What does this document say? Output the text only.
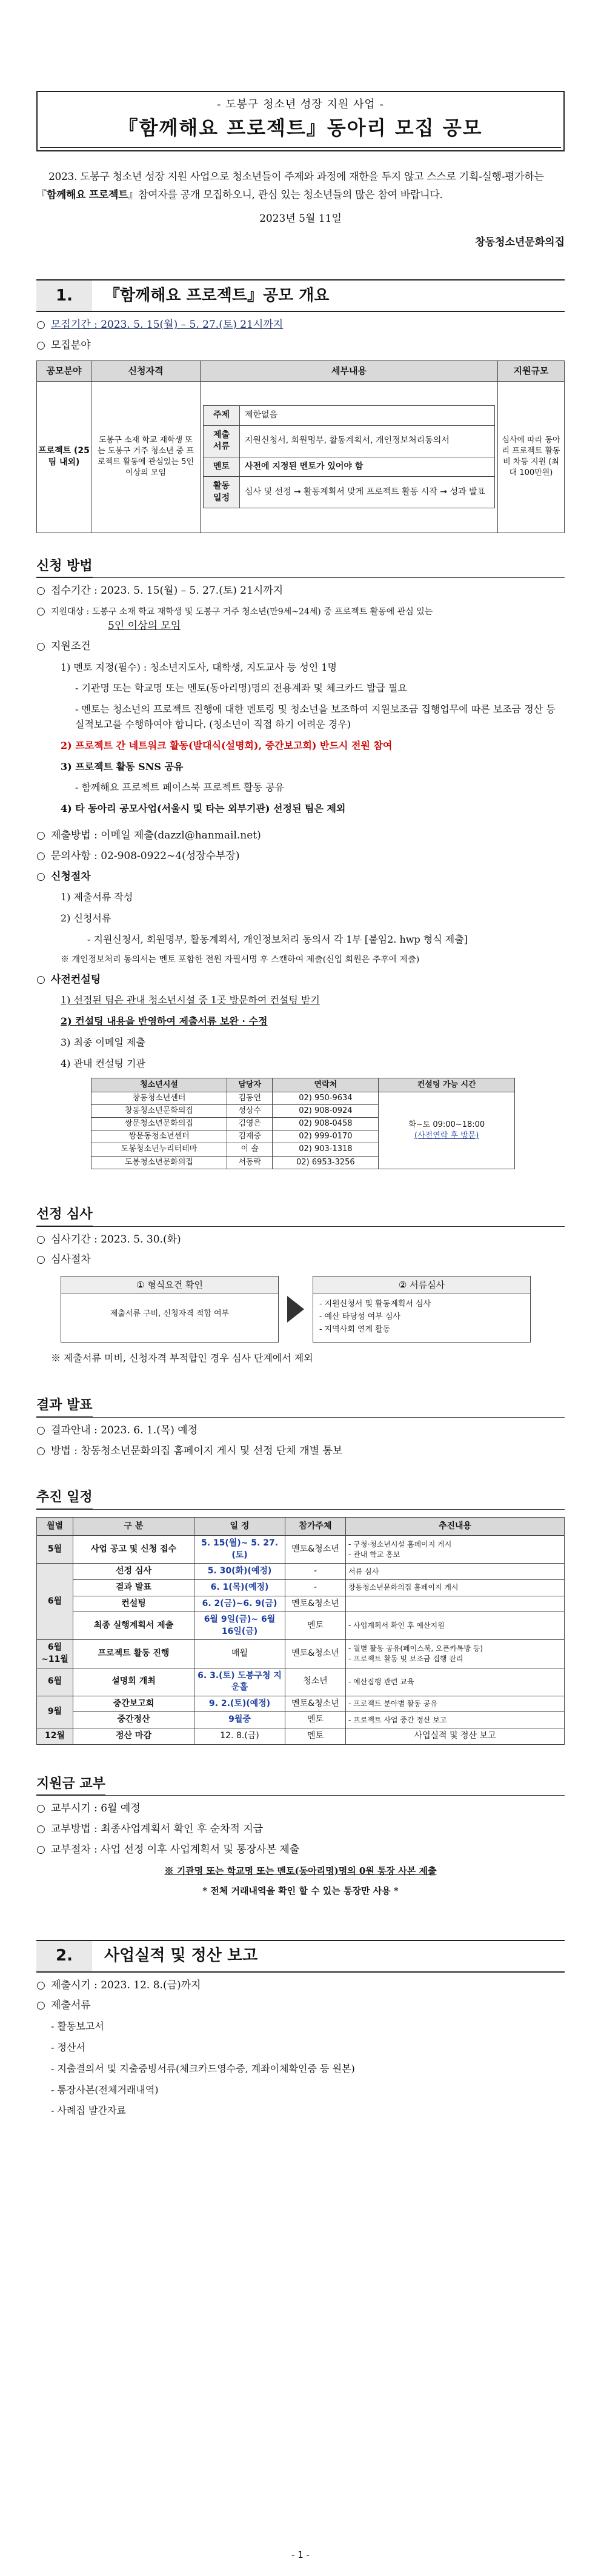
- 도봉구 청소년 성장 지원 사업 -
『함께해요 프로젝트』동아리 모집 공모

2023. 도봉구 청소년 성장 지원 사업으로 청소년들이 주제와 과정에 재한을 두지 않고 스스로 기획-실행-평가하는 『함께해요 프로젝트』참여자를 공개 모집하오니, 관심 있는 청소년들의 많은 참여 바랍니다.

2023년 5월 11일
창동청소년문화의집
1.	『함께해요 프로젝트』공모 개요
○ 모집기간 : 2023. 5. 15(월) – 5. 27.(토) 21시까지
○ 모집분야
공모분야	신청자격	세부내용	지원규모
프로젝트 (25팀 내외)	도봉구 소재 학교 재학생 또는 도봉구 거주 청소년 중 프로젝트 활동에 관심있는 5인 이상의 모임	
주제	제한없음
제출 서류	지원신청서, 회원명부, 활동계획서, 개인정보처리동의서
멘토	사전에 지정된 멘토가 있어야 함
활동 일정	심사 및 선정 → 활동계획서 맞게 프로젝트 활동 시작 → 성과 발표
	심사에 따라 동아리 프로젝트 활동비 차등 지원 (최대 100만원)
신청 방법
○ 접수기간 : 2023. 5. 15(월) – 5. 27.(토) 21시까지
○ 지원대상 : 도봉구 소재 학교 재학생 및 도봉구 거주 청소년(만9세~24세) 중 프로젝트 활동에 관심 있는
5인 이상의 모임
○ 지원조건
1) 멘토 지정(필수) : 청소년지도사, 대학생, 지도교사 등 성인 1명
- 기관명 또는 학교명 또는 멘토(동아리명)명의 전용계좌 및 체크카드 발급 필요
- 멘토는 청소년의 프로젝트 진행에 대한 멘토링 및 청소년을 보조하여 지원보조금 집행업무에 따른 보조금 정산 등 실적보고를 수행하여야 합니다. (청소년이 직접 하기 어려운 경우)
2) 프로젝트 간 네트워크 활동(발대식(설명회), 중간보고회) 반드시 전원 참여
3) 프로젝트 활동 SNS 공유
- 함께해요 프로젝트 페이스북 프로젝트 활동 공유
4) 타 동아리 공모사업(서울시 및 타는 외부기관) 선정된 팀은 제외
○ 제출방법 : 이메일 제출(dazzl@hanmail.net)
○ 문의사항 : 02-908-0922~4(성장수부장)
○ 신청절차
1) 제출서류 작성
2) 신청서류
- 지원신청서, 회원명부, 활동계획서, 개인정보처리 동의서 각 1부 [붙임2. hwp 형식 제출]
※ 개인정보처리 동의서는 멘토 포함한 전원 자필서명 후 스캔하여 제출(신입 회원은 추후에 제출)
○ 사전컨설팅
1) 선정된 팀은 관내 청소년시설 중 1곳 방문하여 컨설팅 받기
2) 컨설팅 내용을 반영하여 제출서류 보완 · 수정
3) 최종 이메일 제출
4) 관내 컨설팅 기관
청소년시설	담당자	연락처	컨설팅 가능 시간
창동청소년센터	김동연	02) 950-9634	화~토 09:00~18:00
(사전연락 후 방문)

창동청소년문화의집	성상수	02) 908-0924	
쌍문청소년문화의집	김영은	02) 908-0458	
쌍문동청소년센터	김재중	02) 999-0170	
도봉청소년누리터테마	이 솔	02) 903-1318	
도봉청소년문화의집	서동락	02) 6953-3256	
선정 심사
○ 심사기간 : 2023. 5. 30.(화)
○ 심사절차
① 형식요건 확인
제출서류 구비, 신청자격 적합 여부
② 서류심사
- 지원신청서 및 활동계획서 심사
- 예산 타당성 여부 심사
- 지역사회 연계 활동
※ 제출서류 미비, 신청자격 부적합인 경우 심사 단계에서 제외
결과 발표
○ 결과안내 : 2023. 6. 1.(목) 예정
○ 방법 : 창동청소년문화의집 홈페이지 게시 및 선정 단체 개별 통보
추진 일정
월별	구 분	일 정	참가주체	추진내용
5월	사업 공고 및 신청 접수	5. 15(월)~ 5. 27.(토)	멘토&청소년	- 구청·청소년시설 홈페이지 게시
- 관내 학교 홍보
6월	선정 심사	5. 30(화)(예정)	-	서류 심사
	결과 발표	6. 1(목)(예정)	-	창동청소년문화의집 홈페이지 게시
	컨설팅	6. 2(금)~6. 9(금)	멘토&청소년	
	최종 실행계획서 제출	6월 9일(금)~ 6월 16일(금)	멘토	- 사업계획서 확인 후 예산지원
6월~11월	프로젝트 활동 진행	매월	멘토&청소년	- 월별 활동 공유(페이스북, 오픈카톡방 등)
- 프로젝트 활동 및 보조금 집행 관리
6월	설명회 개최	6. 3.(토) 도봉구청 지운홀	청소년	- 예산집행 관련 교육
9월	중간보고회	9. 2.(토)(예정)	멘토&청소년	- 프로젝트 분야별 활동 공유
	중간정산	9월중	멘토	- 프로젝트 사업 중간 정산 보고
12월	정산 마감	12. 8.(금)	멘토	사업실적 및 정산 보고
지원금 교부
○ 교부시기 : 6월 예정
○ 교부방법 : 최종사업계획서 확인 후 순차적 지급
○ 교부절차 : 사업 선정 이후 사업계획서 및 통장사본 제출
※ 기관명 또는 학교명 또는 멘토(동아리명)명의 0원 통장 사본 제출
* 전체 거래내역을 확인 할 수 있는 통장만 사용 *
2.	사업실적 및 정산 보고
○ 제출시기 : 2023. 12. 8.(금)까지
○ 제출서류
- 활동보고서
- 정산서
- 지출결의서 및 지출증빙서류(체크카드영수증, 계좌이체확인증 등 원본)
- 통장사본(전체거래내역)
- 사례집 발간자료
- 1 -
